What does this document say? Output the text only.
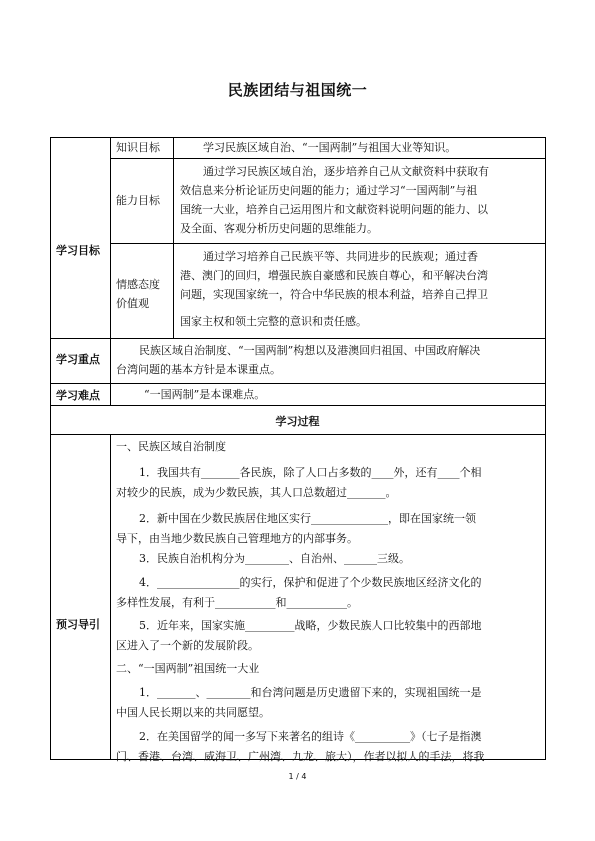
民族团结与祖国统一
学习目标
知识目标	学习民族区域自治、“一国两制”与祖国大业等知识。
能力目标
通过学习民族区域自治，逐步培养自己从文献资料中获取有
效信息来分析论证历史问题的能力；通过学习“一国两制”与祖
国统一大业，培养自己运用图片和文献资料说明问题的能力、以
及全面、客观分析历史问题的思维能力。
情感态度
价值观
通过学习培养自己民族平等、共同进步的民族观；通过香
港、澳门的回归，增强民族自豪感和民族自尊心，和平解决台湾
问题，实现国家统一，符合中华民族的根本利益，培养自己捍卫
国家主权和领土完整的意识和责任感。
学习重点
民族区域自治制度、“一国两制”构想以及港澳回归祖国、中国政府解决
台湾问题的基本方针是本课重点。
学习难点	“一国两制”是本课难点。
学习过程
预习导引
一、民族区域自治制度
1．我国共有_______各民族，除了人口占多数的____外，还有____个相
对较少的民族，成为少数民族，其人口总数超过_______。
2．新中国在少数民族居住地区实行______________，即在国家统一领
导下，由当地少数民族自己管理地方的内部事务。
3．民族自治机构分为________、自治州、______三级。
4．_______________的实行，保护和促进了个少数民族地区经济文化的
多样性发展，有利于___________和___________。
5．近年来，国家实施_________战略，少数民族人口比较集中的西部地
区进入了一个新的发展阶段。
二、“一国两制”祖国统一大业
1．_______、________和台湾问题是历史遗留下来的，实现祖国统一是
中国人民长期以来的共同愿望。
2．在美国留学的闻一多写下来著名的组诗《__________》（七子是指澳
门、香港、台湾、威海卫、广州湾、九龙、旅大），作者以拟人的手法，将我
1 / 4
